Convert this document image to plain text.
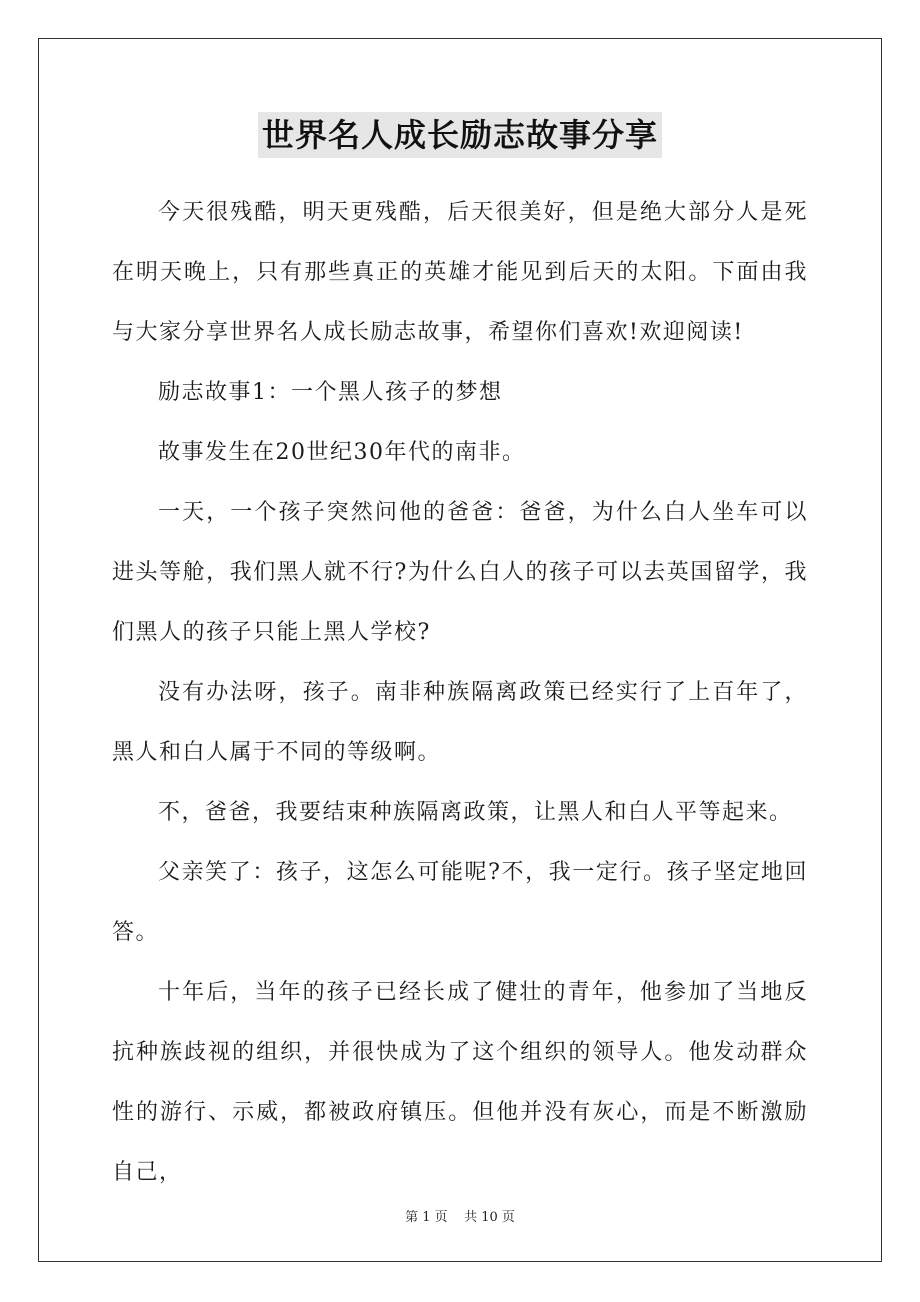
世界名人成长励志故事分享

今天很残酷，明天更残酷，后天很美好，但是绝大部分人是死在明天晚上，只有那些真正的英雄才能见到后天的太阳。下面由我与大家分享世界名人成长励志故事，希望你们喜欢!欢迎阅读!

励志故事1：一个黑人孩子的梦想

故事发生在20世纪30年代的南非。

一天，一个孩子突然问他的爸爸：爸爸，为什么白人坐车可以进头等舱，我们黑人就不行?为什么白人的孩子可以去英国留学，我们黑人的孩子只能上黑人学校?

没有办法呀，孩子。南非种族隔离政策已经实行了上百年了，黑人和白人属于不同的等级啊。

不，爸爸，我要结束种族隔离政策，让黑人和白人平等起来。

父亲笑了：孩子，这怎么可能呢?不，我一定行。孩子坚定地回答。

十年后，当年的孩子已经长成了健壮的青年，他参加了当地反抗种族歧视的组织，并很快成为了这个组织的领导人。他发动群众性的游行、示威，都被政府镇压。但他并没有灰心，而是不断激励自己，

第 1 页    共 10 页
